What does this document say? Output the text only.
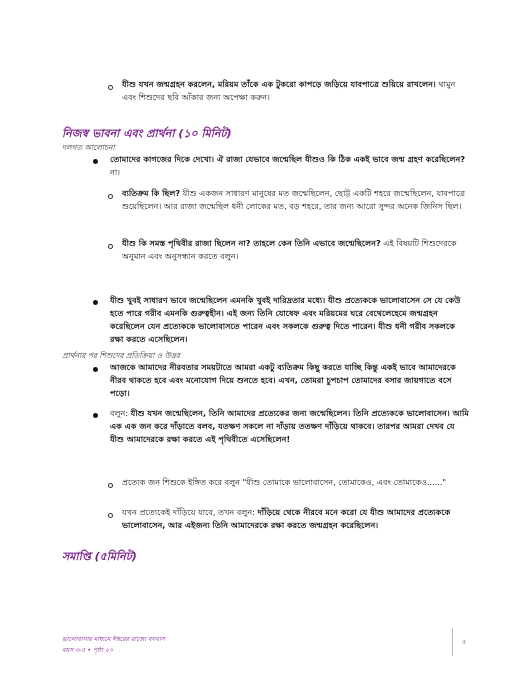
যীশু যখন জন্মগ্রহন করলেন, মরিয়ম তাঁকে এক টুকরো কাপড়ে জড়িয়ে যাবপাত্রে শুয়িয়ে রাখলেন। থামুন এবং শিশুদের ছবি আঁকার জন্য অপেক্ষা করুন।
নিজস্ব ভাবনা এবং প্রার্থনা (১০ মিনিট)
দলগত আলোচনা
তোমাদের কাগজের দিকে দেখো। ঐ রাজা যেভাবে জন্মেছিল যীশুও কি ঠিক একই ভাবে জন্ম গ্রহণ করেছিলেন? না।
ব্যতিক্রম কি ছিল? যীশু একজন সাধারণ মানুষের মত জন্মেছিলেন, ছোট্ট একটি শহরে জন্মেছিলেন, যাবপাত্রে শুয়েছিলেন। আর রাজা জন্মেছিল ধনী লোকের মত, বড় শহরে, তার জন্য আরো সুন্দর অনেক জিনিস ছিল।
যীশু কি সমস্ত পৃথিবীর রাজা ছিলেন না? তাহলে কেন তিনি এভাবে জন্মেছিলেন? এই বিষয়টি শিশুদেরকে অনুমান এবং অনুসন্ধান করতে বলুন।
যীশু খুবই সাধারণ ভাবে জন্মেছিলেন এমনকি খুবই দারিদ্রতার মধ্যে। যীশু প্রত্যেককে ভালোবাসেন সে যে কেউ হতে পারে গরীব এমনকি গুরুত্বহীন। এই জন্য তিনি যোষেফ এবং মরিয়মের ঘরে বেথেলেহেমে জন্মগ্রহন করেছিলেন যেন প্রত্যেককে ভালোবাসতে পারেন এবং সকলকে গুরুত্ব দিতে পারেন। যীশু ধনী গরীব সকলকে রক্ষা করতে এসেছিলেন।
প্রার্থনার পর শিশুদের প্রতিক্রিয়া ও উত্তর
আজকে আমাদের নীরবতার সময়টাতে আমরা একটু ব্যতিক্রম কিছু করতে যাচ্ছি কিন্তু একই ভাবে আমাদেরকে নীরব থাকতে হবে এবং মনোযোগ দিয়ে শুনতে হবে। এখন, তোমরা চুপচাপ তোমাদের বসার জায়গাতে বসে পড়ো।
বলুন: যীশু যখন জন্মেছিলেন, তিনি আমাদের প্রত্যেকের জন্য জন্মেছিলেন। তিনি প্রত্যেককে ভালোবাসেন। আমি এক এক জন করে দাঁড়াতে বলব, যতক্ষণ সকলে না দাঁড়ায় ততক্ষণ দাঁড়িয়ে থাকবে। তারপর আমরা দেখব যে যীশু আমাদেরকে রক্ষা করতে এই পৃথিবীতে এসেছিলেন!
প্রত্যেক জন শিশুকে ইঙ্গিত করে বলুন "যীশু তোমাকে ভালোবাসেন, তোমাকেও, এবং তোমাকেও......"
যখন প্রত্যেকেই দাঁড়িয়ে যাবে, তখন বলুন: দাঁড়িয়ে থেকে নীরবে মনে করো যে যীশু আমাদের প্রত্যেককে ভালোবাসেন, আর এইজন্য তিনি আমাদেরকে রক্ষা করতে জন্মগ্রহন করেছিলেন।
সমাপ্তি (৫মিনিট)
ভালোবাসার মাধ্যমে ঈশ্বরের রাজ্যে বসবাস
বয়স ৩-৫ • পৃষ্ঠা ২০
৫
